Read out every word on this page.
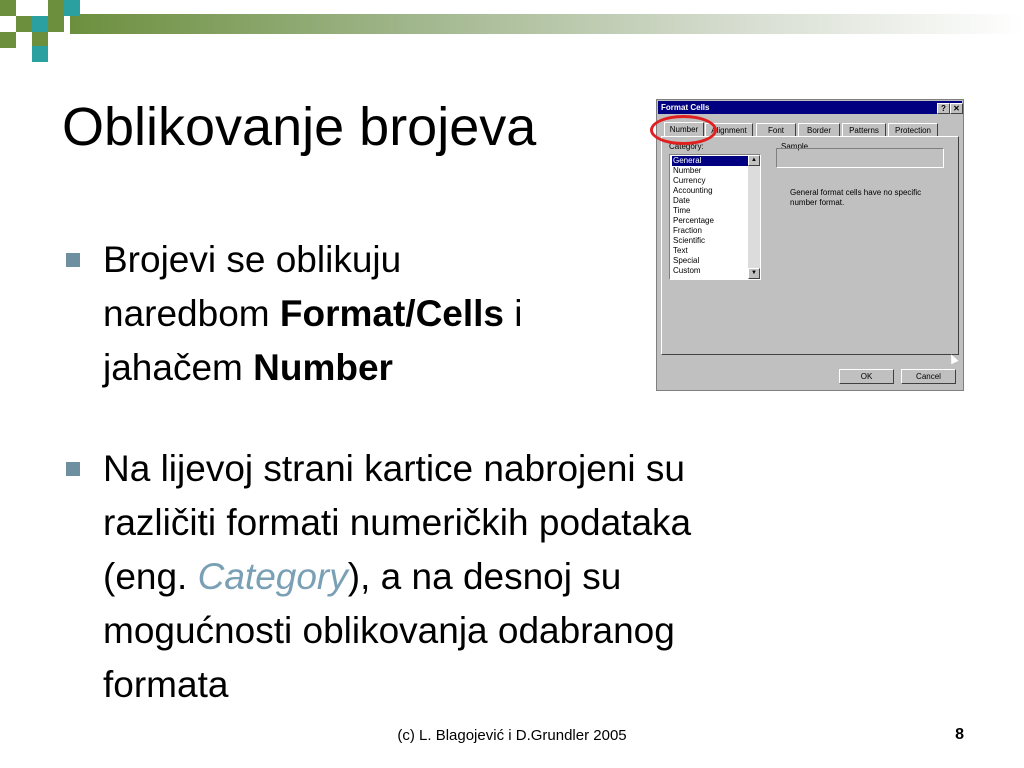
Oblikovanje brojeva
Brojevi se oblikuju
naredbom Format/Cells i
jahačem Number
Na lijevoj strani kartice nabrojeni su
različiti formati numeričkih podataka
(eng. Category), a na desnoj su
mogućnosti oblikovanja odabranog
formata
Format Cells	? ✕
Number	Alignment	Font	Border	Patterns	Protection
Category:	Sample
General
Number
Currency
Accounting
Date
Time
Percentage
Fraction
Scientific
Text
Special
Custom
▲
▼
General format cells have no specific number format.
OK	Cancel
(c) L. Blagojević i D.Grundler 2005	8
